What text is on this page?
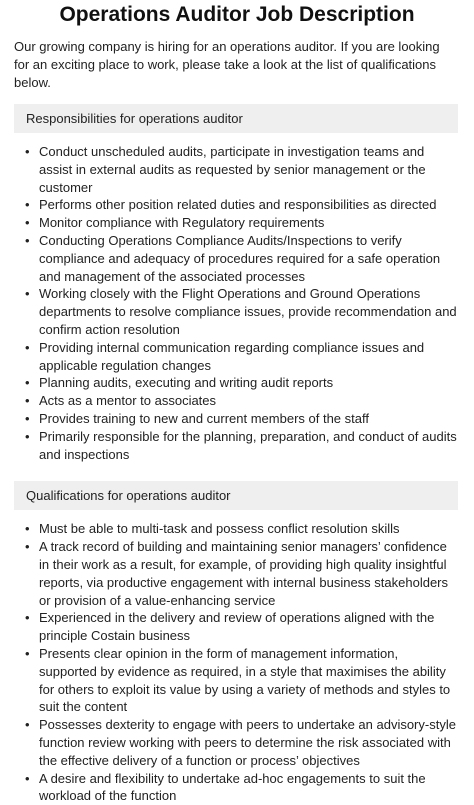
Operations Auditor Job Description

Our growing company is hiring for an operations auditor. If you are looking for an exciting place to work, please take a look at the list of qualifications below.

Responsibilities for operations auditor
• Conduct unscheduled audits, participate in investigation teams and assist in external audits as requested by senior management or the customer
• Performs other position related duties and responsibilities as directed
• Monitor compliance with Regulatory requirements
• Conducting Operations Compliance Audits/Inspections to verify compliance and adequacy of procedures required for a safe operation and management of the associated processes
• Working closely with the Flight Operations and Ground Operations departments to resolve compliance issues, provide recommendation and confirm action resolution
• Providing internal communication regarding compliance issues and applicable regulation changes
• Planning audits, executing and writing audit reports
• Acts as a mentor to associates
• Provides training to new and current members of the staff
• Primarily responsible for the planning, preparation, and conduct of audits and inspections
Qualifications for operations auditor
• Must be able to multi-task and possess conflict resolution skills
• A track record of building and maintaining senior managers’ confidence in their work as a result, for example, of providing high quality insightful reports, via productive engagement with internal business stakeholders or provision of a value-enhancing service
• Experienced in the delivery and review of operations aligned with the principle Costain business
• Presents clear opinion in the form of management information, supported by evidence as required, in a style that maximises the ability for others to exploit its value by using a variety of methods and styles to suit the content
• Possesses dexterity to engage with peers to undertake an advisory-style function review working with peers to determine the risk associated with the effective delivery of a function or process’ objectives
• A desire and flexibility to undertake ad-hoc engagements to suit the workload of the function
